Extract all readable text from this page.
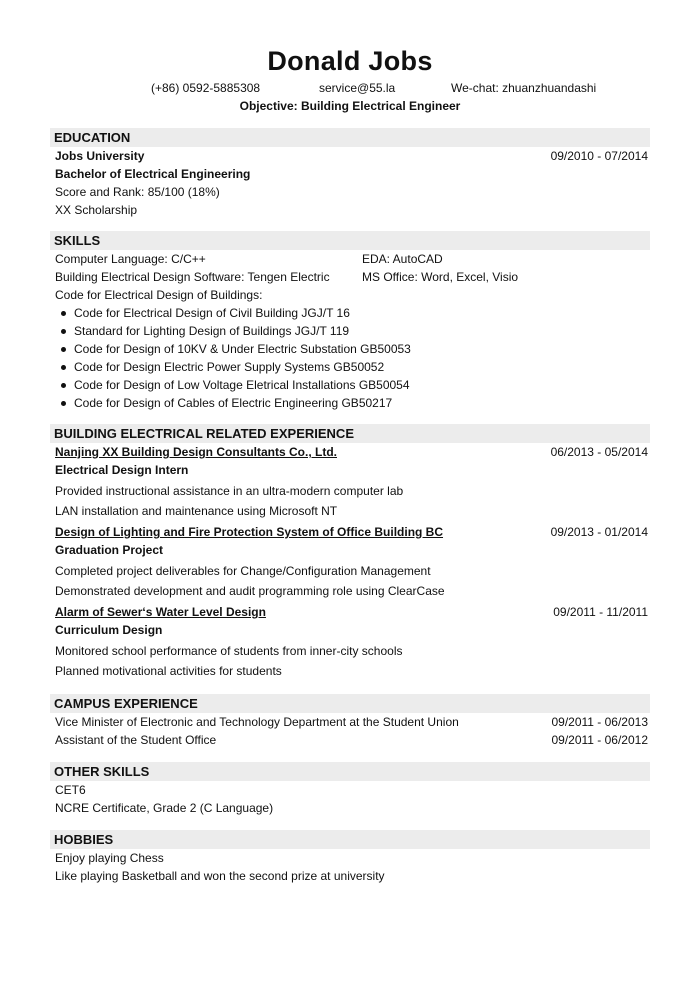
Donald Jobs
(+86) 0592-5885308	service@55.la	We-chat: zhuanzhuandashi
Objective: Building Electrical Engineer
EDUCATION
Jobs University	09/2010 - 07/2014
Bachelor of Electrical Engineering
Score and Rank: 85/100 (18%)
XX Scholarship
SKILLS
Computer Language: C/C++	EDA: AutoCAD
Building Electrical Design Software: Tengen Electric	MS Office: Word, Excel, Visio
Code for Electrical Design of Buildings:
Code for Electrical Design of Civil Building JGJ/T 16
Standard for Lighting Design of Buildings JGJ/T 119
Code for Design of 10KV & Under Electric Substation GB50053
Code for Design Electric Power Supply Systems GB50052
Code for Design of Low Voltage Eletrical Installations GB50054
Code for Design of Cables of Electric Engineering GB50217
BUILDING ELECTRICAL RELATED EXPERIENCE
Nanjing XX Building Design Consultants Co., Ltd.	06/2013 - 05/2014
Electrical Design Intern
Provided instructional assistance in an ultra-modern computer lab
LAN installation and maintenance using Microsoft NT
Design of Lighting and Fire Protection System of Office Building BC	09/2013 - 01/2014
Graduation Project
Completed project deliverables for Change/Configuration Management
Demonstrated development and audit programming role using ClearCase
Alarm of Sewer‘s Water Level Design	09/2011 - 11/2011
Curriculum Design
Monitored school performance of students from inner-city schools
Planned motivational activities for students
CAMPUS EXPERIENCE
Vice Minister of Electronic and Technology Department at the Student Union	09/2011 - 06/2013
Assistant of the Student Office	09/2011 - 06/2012
OTHER SKILLS
CET6
NCRE Certificate, Grade 2 (C Language)
HOBBIES
Enjoy playing Chess
Like playing Basketball and won the second prize at university
